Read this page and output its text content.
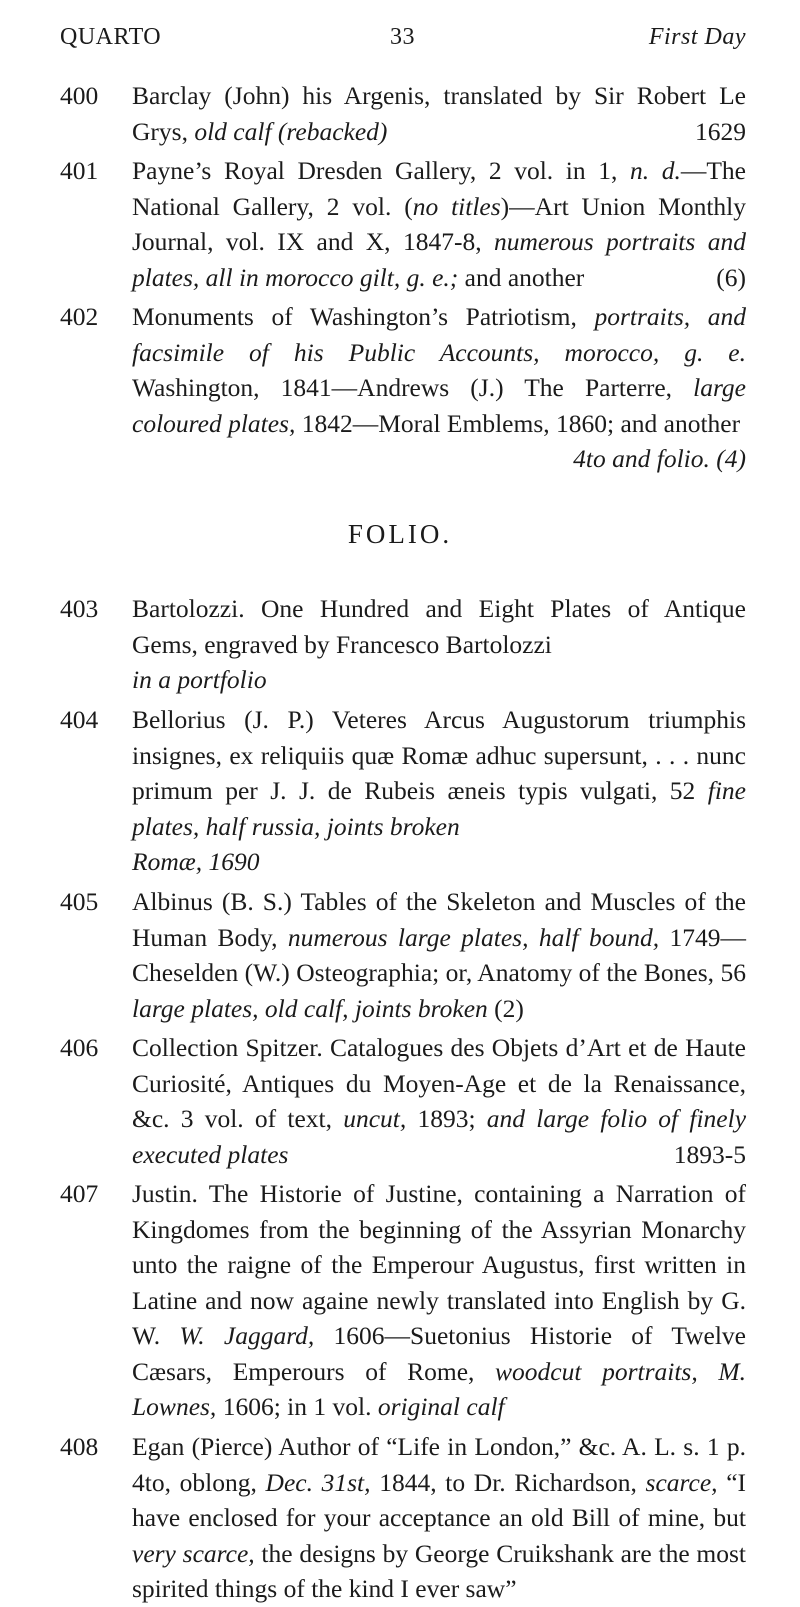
QUARTO	33	First Day
400 Barclay (John) his Argenis, translated by Sir Robert Le Grys, old calf (rebacked)	1629
401 Payne’s Royal Dresden Gallery, 2 vol. in 1, n. d.—The National Gallery, 2 vol. (no titles)—Art Union Monthly Journal, vol. IX and X, 1847-8, numerous portraits and plates, all in morocco gilt, g. e.; and another	(6)
402 Monuments of Washington’s Patriotism, portraits, and facsimile of his Public Accounts, morocco, g. e. Washington, 1841—Andrews (J.) The Parterre, large coloured plates, 1842—Moral Emblems, 1860; and another
4to and folio. (4)
FOLIO.
403 Bartolozzi. One Hundred and Eight Plates of Antique Gems, engraved by Francesco Bartolozzi
in a portfolio
404 Bellorius (J. P.) Veteres Arcus Augustorum triumphis insignes, ex reliquiis quæ Romæ adhuc supersunt, . . . nunc primum per J. J. de Rubeis æneis typis vulgati, 52 fine plates, half russia, joints broken
Romæ, 1690
405 Albinus (B. S.) Tables of the Skeleton and Muscles of the Human Body, numerous large plates, half bound, 1749—Cheselden (W.) Osteographia; or, Anatomy of the Bones, 56 large plates, old calf, joints broken (2)
406 Collection Spitzer. Catalogues des Objets d’Art et de Haute Curiosité, Antiques du Moyen-Age et de la Renaissance, &c. 3 vol. of text, uncut, 1893; and large folio of finely executed plates	1893-5
407 Justin. The Historie of Justine, containing a Narration of Kingdomes from the beginning of the Assyrian Monarchy unto the raigne of the Emperour Augustus, first written in Latine and now againe newly translated into English by G. W. W. Jaggard, 1606—Suetonius Historie of Twelve Cæsars, Emperours of Rome, woodcut portraits, M. Lownes, 1606; in 1 vol. original calf
408 Egan (Pierce) Author of “Life in London,” &c. A. L. s. 1 p. 4to, oblong, Dec. 31st, 1844, to Dr. Richardson, scarce, “I have enclosed for your acceptance an old Bill of mine, but very scarce, the designs by George Cruikshank are the most spirited things of the kind I ever saw”
